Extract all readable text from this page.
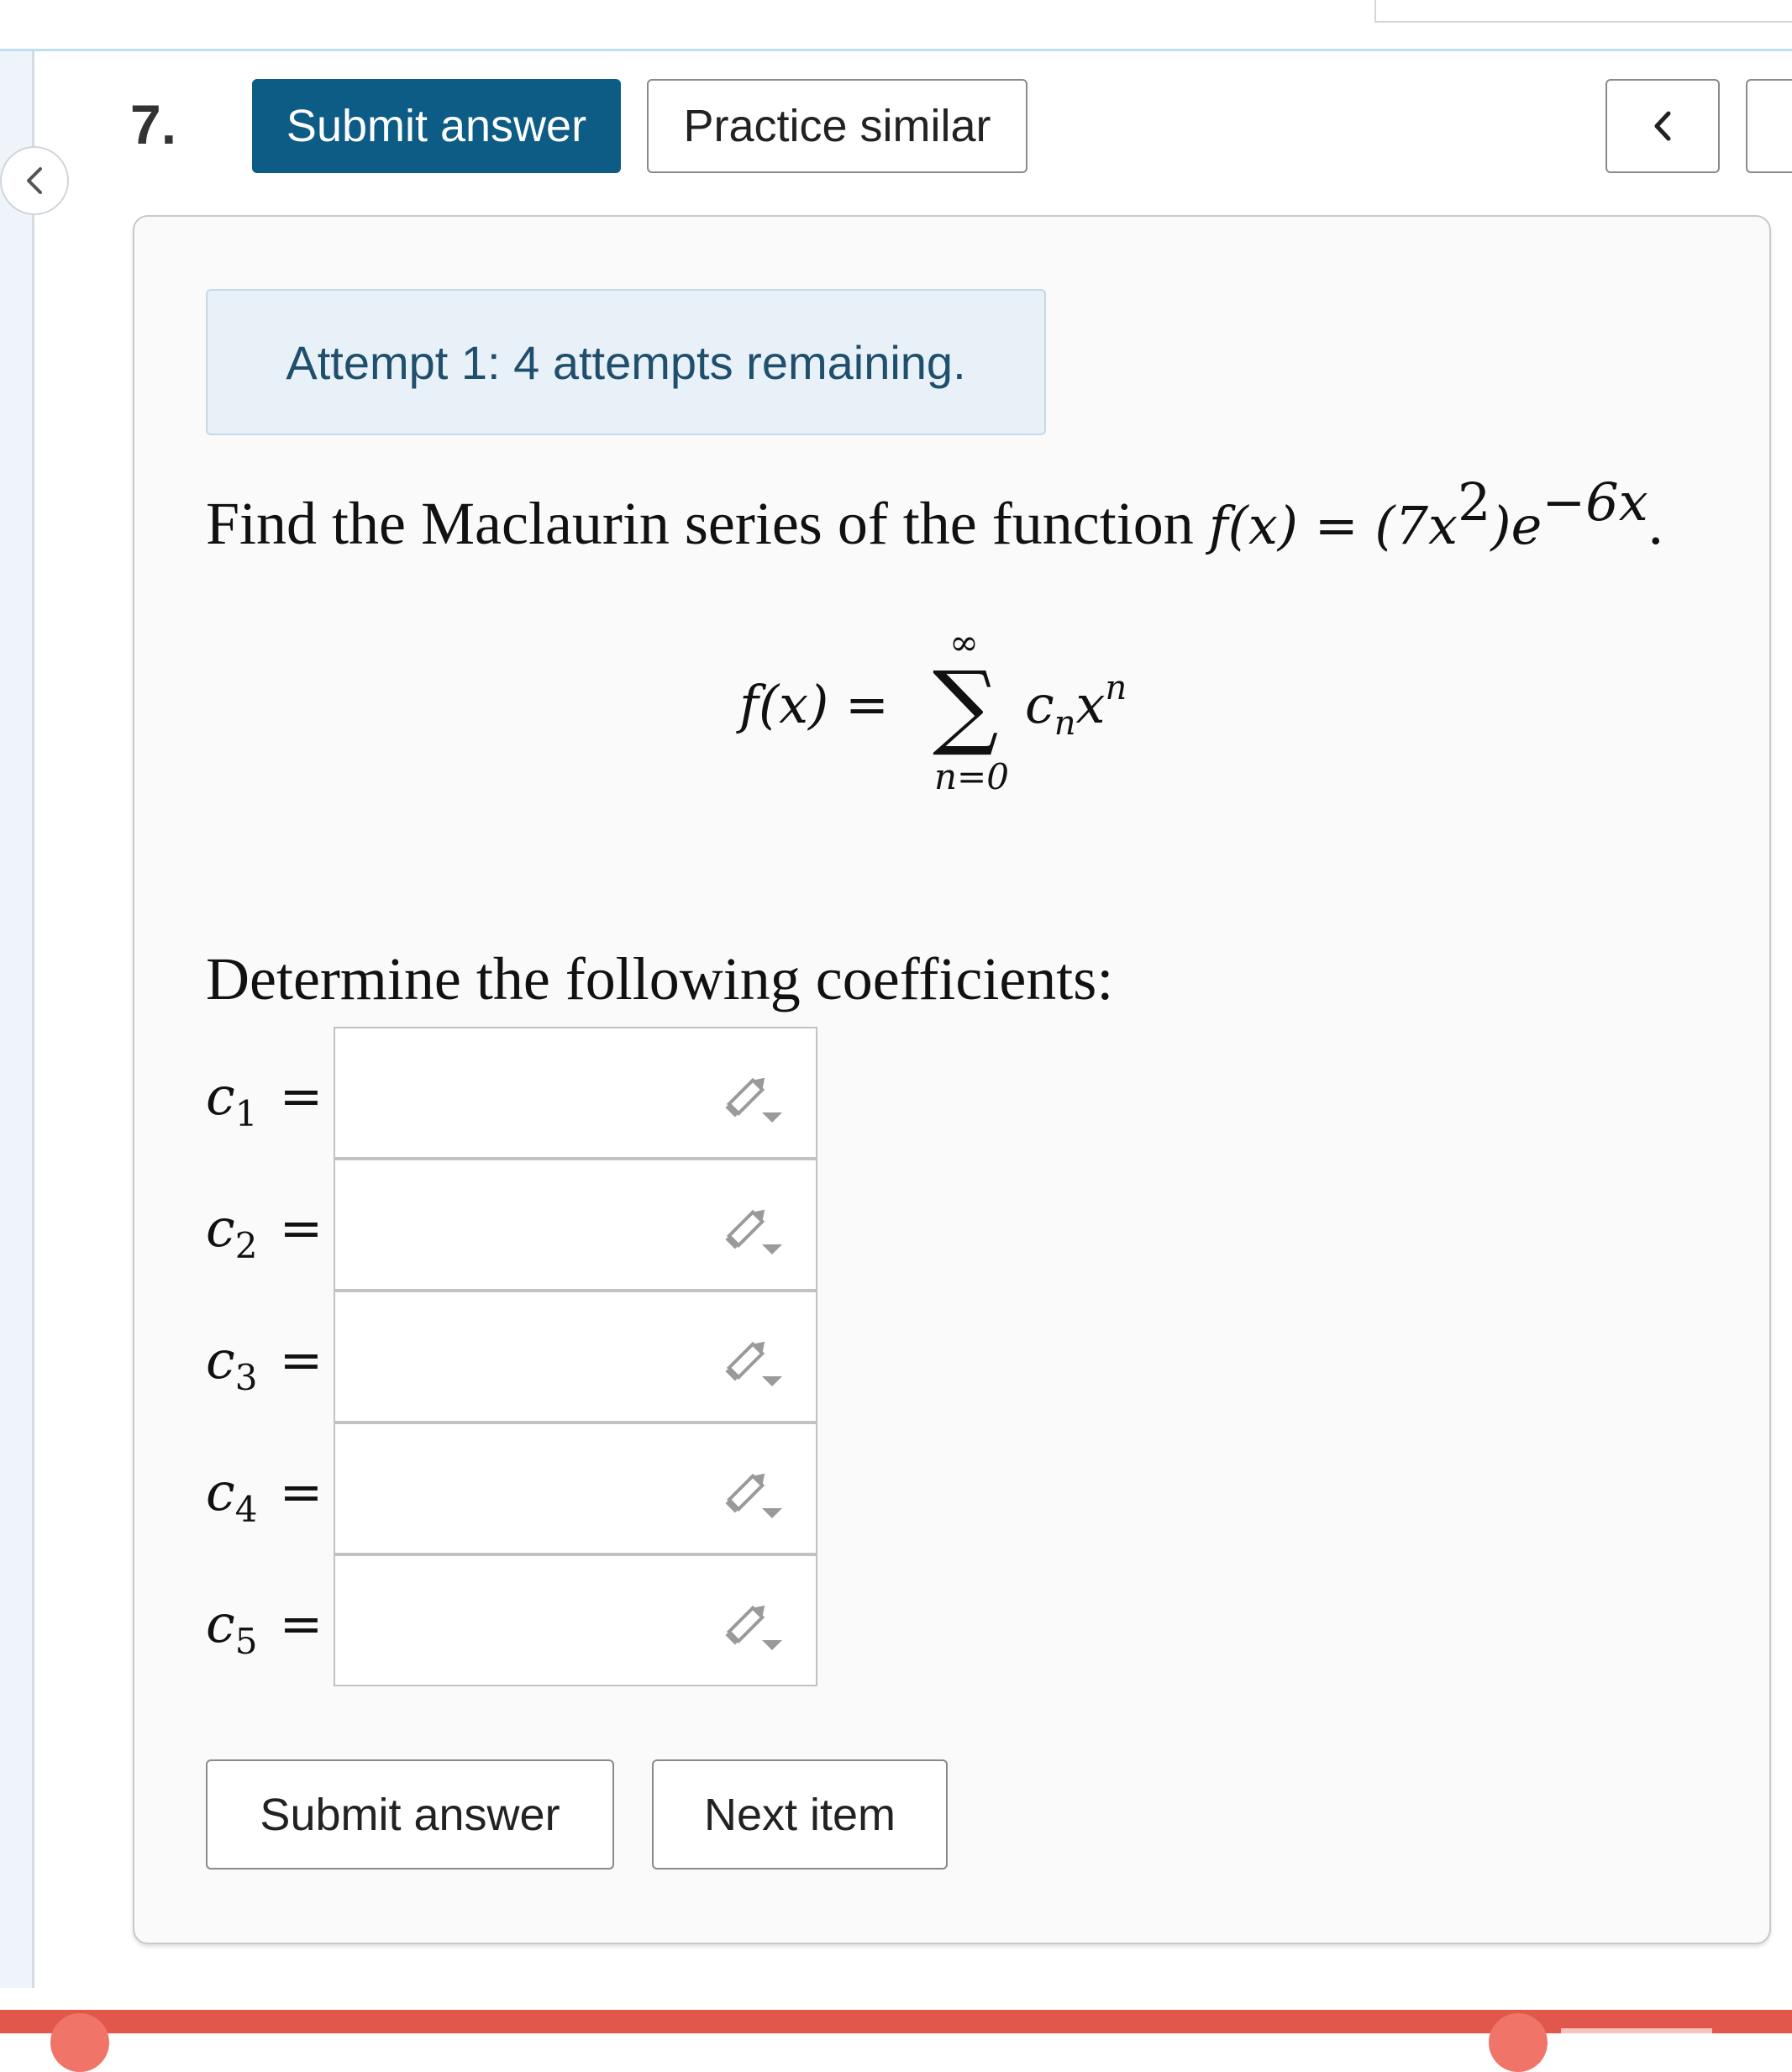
7.	Submit answer	Practice similar
Attempt 1: 4 attempts remaining.
Find the Maclaurin series of the function $f(x) = (7x^2)e^{-6x}$.
f(x) =
∞
∑
n=0
$c_nx^n$
Determine the following coefficients:
$c_1$ =
$c_2$ =
$c_3$ =
$c_4$ =
$c_5$ =
Submit answer	Next item
